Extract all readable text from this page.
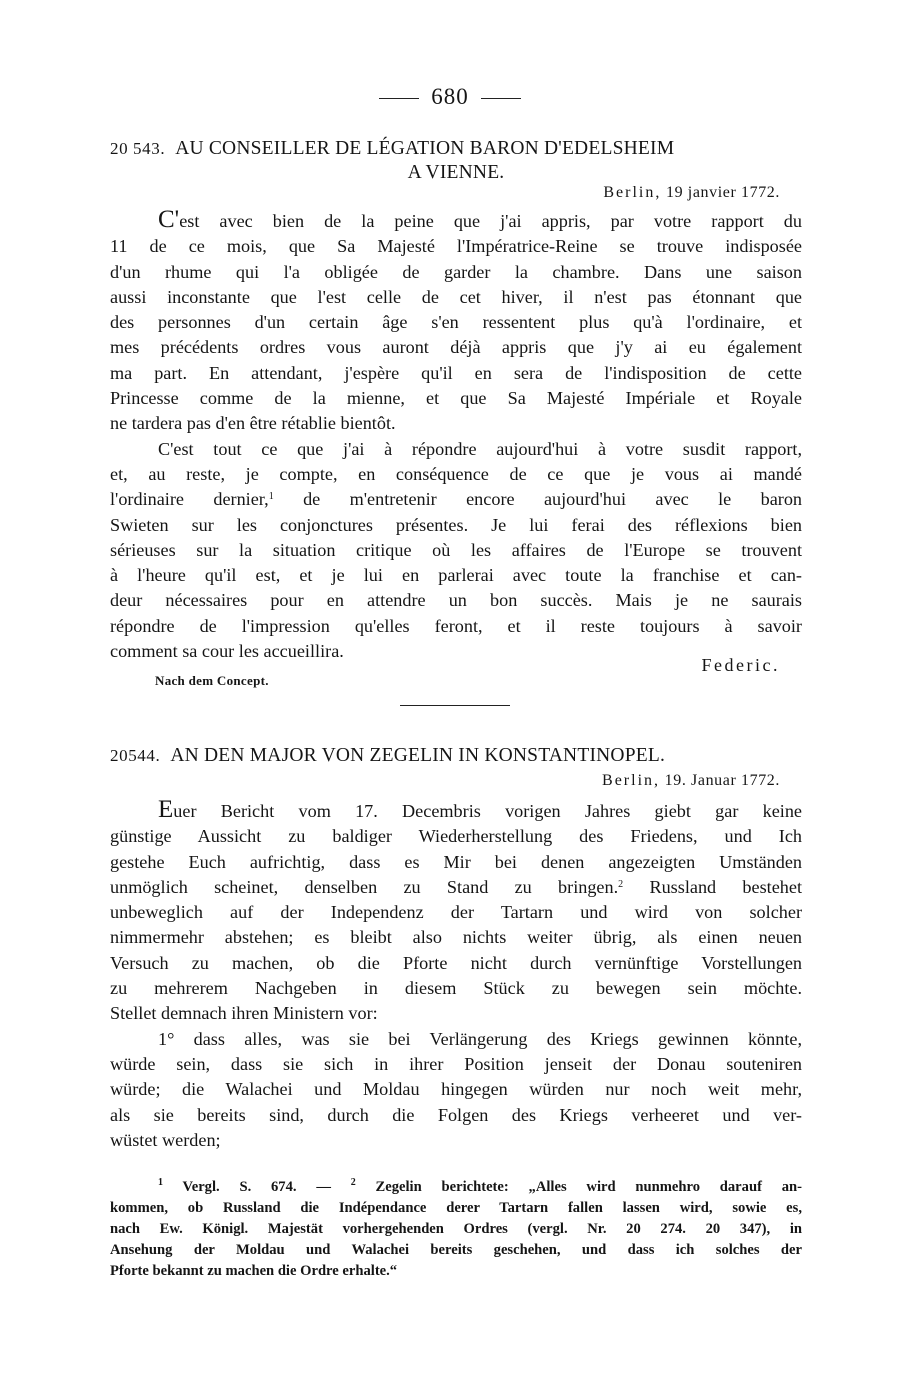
680
20 543. AU CONSEILLER DE LÉGATION BARON D'EDELSHEIM
A VIENNE.
Berlin, 19 janvier 1772.
C'est avec bien de la peine que j'ai appris, par votre rapport du
11 de ce mois, que Sa Majesté l'Impératrice-Reine se trouve indisposée
d'un rhume qui l'a obligée de garder la chambre. Dans une saison
aussi inconstante que l'est celle de cet hiver, il n'est pas étonnant que
des personnes d'un certain âge s'en ressentent plus qu'à l'ordinaire, et
mes précédents ordres vous auront déjà appris que j'y ai eu également
ma part. En attendant, j'espère qu'il en sera de l'indisposition de cette
Princesse comme de la mienne, et que Sa Majesté Impériale et Royale
ne tardera pas d'en être rétablie bientôt.
C'est tout ce que j'ai à répondre aujourd'hui à votre susdit rapport,
et, au reste, je compte, en conséquence de ce que je vous ai mandé
l'ordinaire dernier,$^1$ de m'entretenir encore aujourd'hui avec le baron
Swieten sur les conjonctures présentes. Je lui ferai des réflexions bien
sérieuses sur la situation critique où les affaires de l'Europe se trouvent
à l'heure qu'il est, et je lui en parlerai avec toute la franchise et can-
deur nécessaires pour en attendre un bon succès. Mais je ne saurais
répondre de l'impression qu'elles feront, et il reste toujours à savoir
comment sa cour les accueillira.
Federic.
Nach dem Concept.
20544. AN DEN MAJOR VON ZEGELIN IN KONSTANTINOPEL.
Berlin, 19. Januar 1772.
Euer Bericht vom 17. Decembris vorigen Jahres giebt gar keine
günstige Aussicht zu baldiger Wiederherstellung des Friedens, und Ich
gestehe Euch aufrichtig, dass es Mir bei denen angezeigten Umständen
unmöglich scheinet, denselben zu Stand zu bringen.$^2$ Russland bestehet
unbeweglich auf der Independenz der Tartarn und wird von solcher
nimmermehr abstehen; es bleibt also nichts weiter übrig, als einen neuen
Versuch zu machen, ob die Pforte nicht durch vernünftige Vorstellungen
zu mehrerem Nachgeben in diesem Stück zu bewegen sein möchte.
Stellet demnach ihren Ministern vor:
1° dass alles, was sie bei Verlängerung des Kriegs gewinnen könnte,
würde sein, dass sie sich in ihrer Position jenseit der Donau souteniren
würde; die Walachei und Moldau hingegen würden nur noch weit mehr,
als sie bereits sind, durch die Folgen des Kriegs verheeret und ver-
wüstet werden;
$^1$ Vergl. S. 674. — $^2$ Zegelin berichtete: „Alles wird nunmehro darauf an-
kommen, ob Russland die Indépendance derer Tartarn fallen lassen wird, sowie es,
nach Ew. Königl. Majestät vorhergehenden Ordres (vergl. Nr. 20 274. 20 347), in
Ansehung der Moldau und Walachei bereits geschehen, und dass ich solches der
Pforte bekannt zu machen die Ordre erhalte.“
